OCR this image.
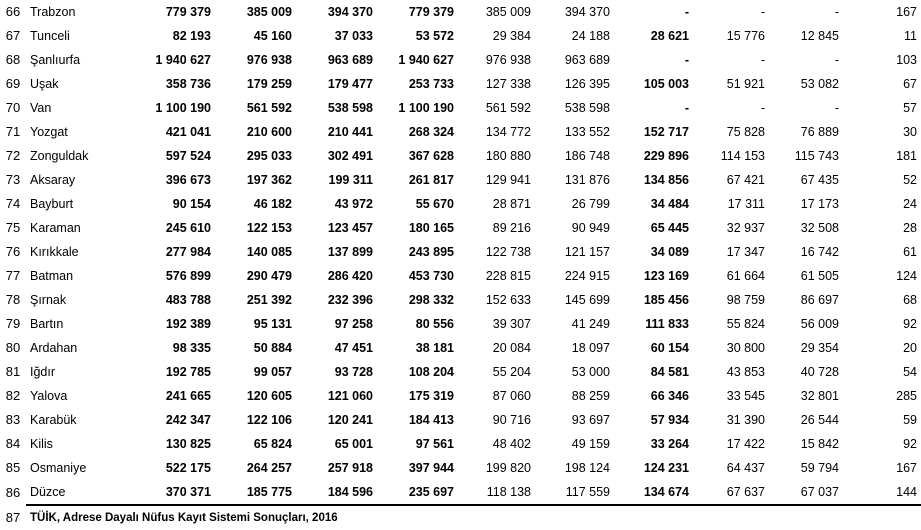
66	Trabzon	779 379	385 009	394 370	779 379	385 009	394 370	-	-	-	167
67	Tunceli	82 193	45 160	37 033	53 572	29 384	24 188	28 621	15 776	12 845	11
68	Şanlıurfa	1 940 627	976 938	963 689	1 940 627	976 938	963 689	-	-	-	103
69	Uşak	358 736	179 259	179 477	253 733	127 338	126 395	105 003	51 921	53 082	67
70	Van	1 100 190	561 592	538 598	1 100 190	561 592	538 598	-	-	-	57
71	Yozgat	421 041	210 600	210 441	268 324	134 772	133 552	152 717	75 828	76 889	30
72	Zonguldak	597 524	295 033	302 491	367 628	180 880	186 748	229 896	114 153	115 743	181
73	Aksaray	396 673	197 362	199 311	261 817	129 941	131 876	134 856	67 421	67 435	52
74	Bayburt	90 154	46 182	43 972	55 670	28 871	26 799	34 484	17 311	17 173	24
75	Karaman	245 610	122 153	123 457	180 165	89 216	90 949	65 445	32 937	32 508	28
76	Kırıkkale	277 984	140 085	137 899	243 895	122 738	121 157	34 089	17 347	16 742	61
77	Batman	576 899	290 479	286 420	453 730	228 815	224 915	123 169	61 664	61 505	124
78	Şırnak	483 788	251 392	232 396	298 332	152 633	145 699	185 456	98 759	86 697	68
79	Bartın	192 389	95 131	97 258	80 556	39 307	41 249	111 833	55 824	56 009	92
80	Ardahan	98 335	50 884	47 451	38 181	20 084	18 097	60 154	30 800	29 354	20
81	Iğdır	192 785	99 057	93 728	108 204	55 204	53 000	84 581	43 853	40 728	54
82	Yalova	241 665	120 605	121 060	175 319	87 060	88 259	66 346	33 545	32 801	285
83	Karabük	242 347	122 106	120 241	184 413	90 716	93 697	57 934	31 390	26 544	59
84	Kilis	130 825	65 824	65 001	97 561	48 402	49 159	33 264	17 422	15 842	92
85	Osmaniye	522 175	264 257	257 918	397 944	199 820	198 124	124 231	64 437	59 794	167
86	Düzce	370 371	185 775	184 596	235 697	118 138	117 559	134 674	67 637	67 037	144
87	TÜİK, Adrese Dayalı Nüfus Kayıt Sistemi Sonuçları, 2016										
